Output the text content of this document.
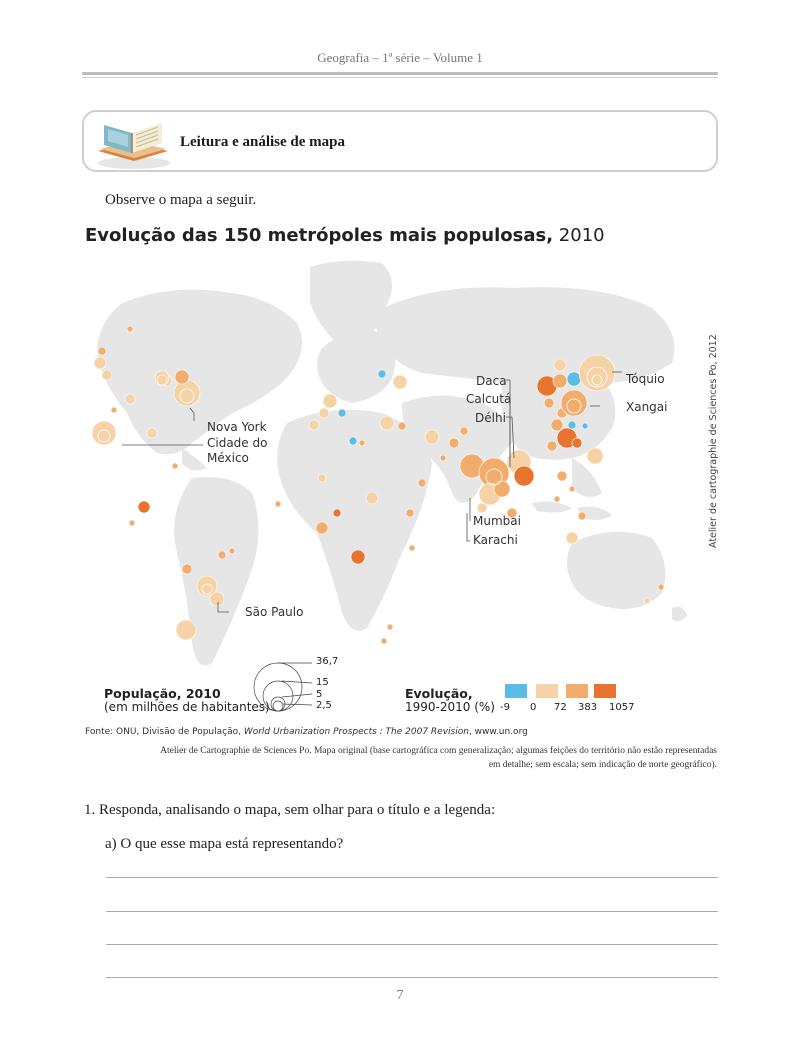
Geografia – 1ª série – Volume 1
Leitura e análise de mapa
Observe o mapa a seguir.
Evolução das 150 metrópoles mais populosas, 2010
Atelier de cartographie de Sciences Po, 2012
Tóquio
Xangai
Daca
Calcutá
Délhi
Mumbai
Karachi
Nova York
Cidade do
México
São Paulo
População, 2010
(em milhões de habitantes)
36,7
15
5
2,5
Evolução,
1990-2010 (%) -9 0 72 383 1057
Fonte: ONU, Divisão de População, World Urbanization Prospects : The 2007 Revision, www.un.org
Atelier de Cartographie de Sciences Po. Mapa original (base cartográfica com generalização; algumas feições do território não estão representadas
em detalhe; sem escala; sem indicação de norte geográfico).
1. Responda, analisando o mapa, sem olhar para o título e a legenda:
a) O que esse mapa está representando?
7
